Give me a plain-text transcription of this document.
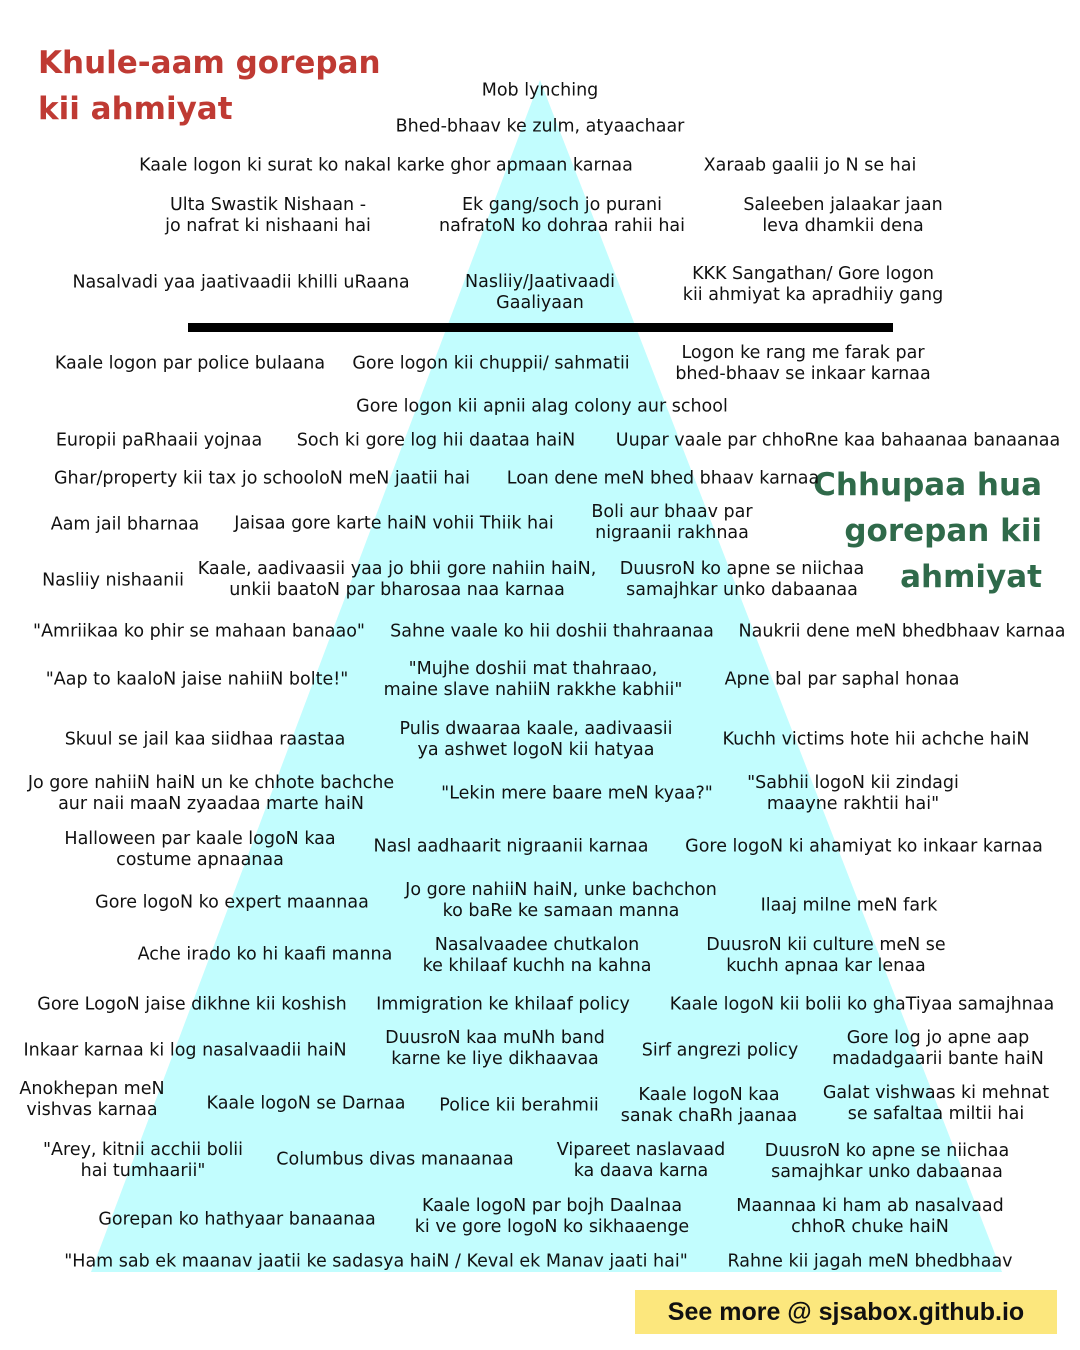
Khule-aam gorepan
kii ahmiyat
Chhupaa hua
gorepan kii
ahmiyat
Mob lynching
Bhed-bhaav ke zulm, atyaachaar
Kaale logon ki surat ko nakal karke ghor apmaan karnaa	Xaraab gaalii jo N se hai
Ulta Swastik Nishaan -
jo nafrat ki nishaani hai
Ek gang/soch jo purani
nafratoN ko dohraa rahii hai
Saleeben jalaakar jaan
leva dhamkii dena
Nasalvadi yaa jaativaadii khilli uRaana	Nasliiy/Jaativaadi
Gaaliyaan
KKK Sangathan/ Gore logon
kii ahmiyat ka apradhiiy gang
Kaale logon par police bulaana Gore logon kii chuppii/ sahmatii
Logon ke rang me farak par
bhed-bhaav se inkaar karnaa
Gore logon kii apnii alag colony aur school
Europii paRhaaii yojnaa Soch ki gore log hii daataa haiN Uupar vaale par chhoRne kaa bahaanaa banaanaa
Ghar/property kii tax jo schooloN meN jaatii hai Loan dene meN bhed bhaav karnaa
Aam jail bharnaa Jaisaa gore karte haiN vohii Thiik hai
Boli aur bhaav par
nigraanii rakhnaa
Nasliiy nishaanii
Kaale, aadivaasii yaa jo bhii gore nahiin haiN,
unkii baatoN par bharosaa naa karnaa
DuusroN ko apne se niichaa
samajhkar unko dabaanaa
"Amriikaa ko phir se mahaan banaao" Sahne vaale ko hii doshii thahraanaa Naukrii dene meN bhedbhaav karnaa
"Aap to kaaloN jaise nahiiN bolte!"
"Mujhe doshii mat thahraao,
maine slave nahiiN rakkhe kabhii"
Apne bal par saphal honaa
Skuul se jail kaa siidhaa raastaa
Pulis dwaaraa kaale, aadivaasii
ya ashwet logoN kii hatyaa
Kuchh victims hote hii achche haiN
Jo gore nahiiN haiN un ke chhote bachche
aur naii maaN zyaadaa marte haiN
"Lekin mere baare meN kyaa?"
"Sabhii logoN kii zindagi
maayne rakhtii hai"
Halloween par kaale logoN kaa
costume apnaanaa
Nasl aadhaarit nigraanii karnaa Gore logoN ki ahamiyat ko inkaar karnaa
Gore logoN ko expert maannaa
Jo gore nahiiN haiN, unke bachchon
ko baRe ke samaan manna	Ilaaj milne meN fark
Ache irado ko hi kaafi manna	Nasalvaadee chutkalon
ke khilaaf kuchh na kahna
DuusroN kii culture meN se
kuchh apnaa kar lenaa
Gore LogoN jaise dikhne kii koshish Immigration ke khilaaf policy Kaale logoN kii bolii ko ghaTiyaa samajhnaa
Inkaar karnaa ki log nasalvaadii haiN
DuusroN kaa muNh band
karne ke liye dikhaavaa	Sirf angrezi policy
Gore log jo apne aap
madadgaarii bante haiN
Anokhepan meN
vishvas karnaa	Kaale logoN se Darnaa Police kii berahmii
Kaale logoN kaa
sanak chaRh jaanaa
Galat vishwaas ki mehnat
se safaltaa miltii hai
"Arey, kitnii acchii bolii
hai tumhaarii"
Columbus divas manaanaa Vipareet naslavaad
ka daava karna
DuusroN ko apne se niichaa
samajhkar unko dabaanaa
Gorepan ko hathyaar banaanaa
Kaale logoN par bojh Daalnaa
ki ve gore logoN ko sikhaaenge
Maannaa ki ham ab nasalvaad
chhoR chuke haiN
"Ham sab ek maanav jaatii ke sadasya haiN / Keval ek Manav jaati hai" Rahne kii jagah meN bhedbhaav
See more @ sjsabox.github.io
